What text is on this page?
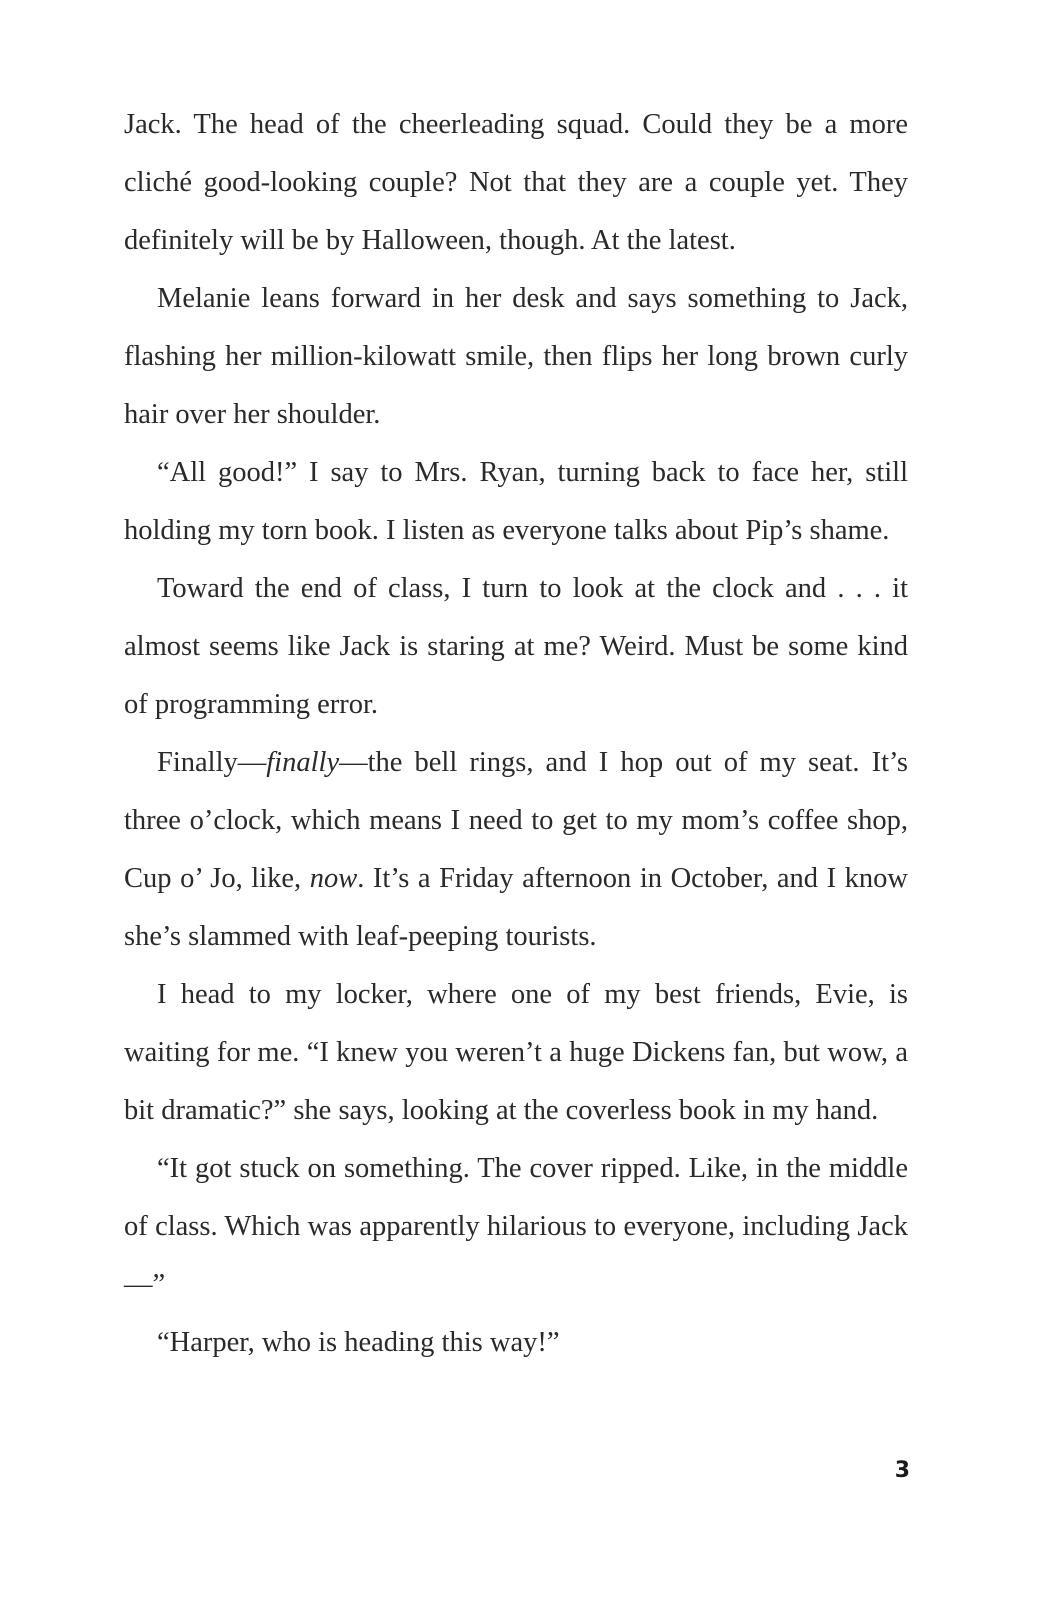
Jack. The head of the cheerleading squad. Could they be a more cliché good-looking couple? Not that they are a couple yet. They definitely will be by Halloween, though. At the latest.

Melanie leans forward in her desk and says something to Jack, flashing her million-kilowatt smile, then flips her long brown curly hair over her shoulder.

“All good!” I say to Mrs. Ryan, turning back to face her, still holding my torn book. I listen as everyone talks about Pip’s shame.

Toward the end of class, I turn to look at the clock and . . . it almost seems like Jack is staring at me? Weird. Must be some kind of programming error.

Finally—finally—the bell rings, and I hop out of my seat. It’s three o’clock, which means I need to get to my mom’s coffee shop, Cup o’ Jo, like, now. It’s a Friday afternoon in October, and I know she’s slammed with leaf-peeping tourists.

I head to my locker, where one of my best friends, Evie, is waiting for me. “I knew you weren’t a huge Dickens fan, but wow, a bit dramatic?” she says, looking at the coverless book in my hand.

“It got stuck on something. The cover ripped. Like, in the middle of class. Which was apparently hilarious to everyone, including Jack—”

“Harper, who is heading this way!”

3
